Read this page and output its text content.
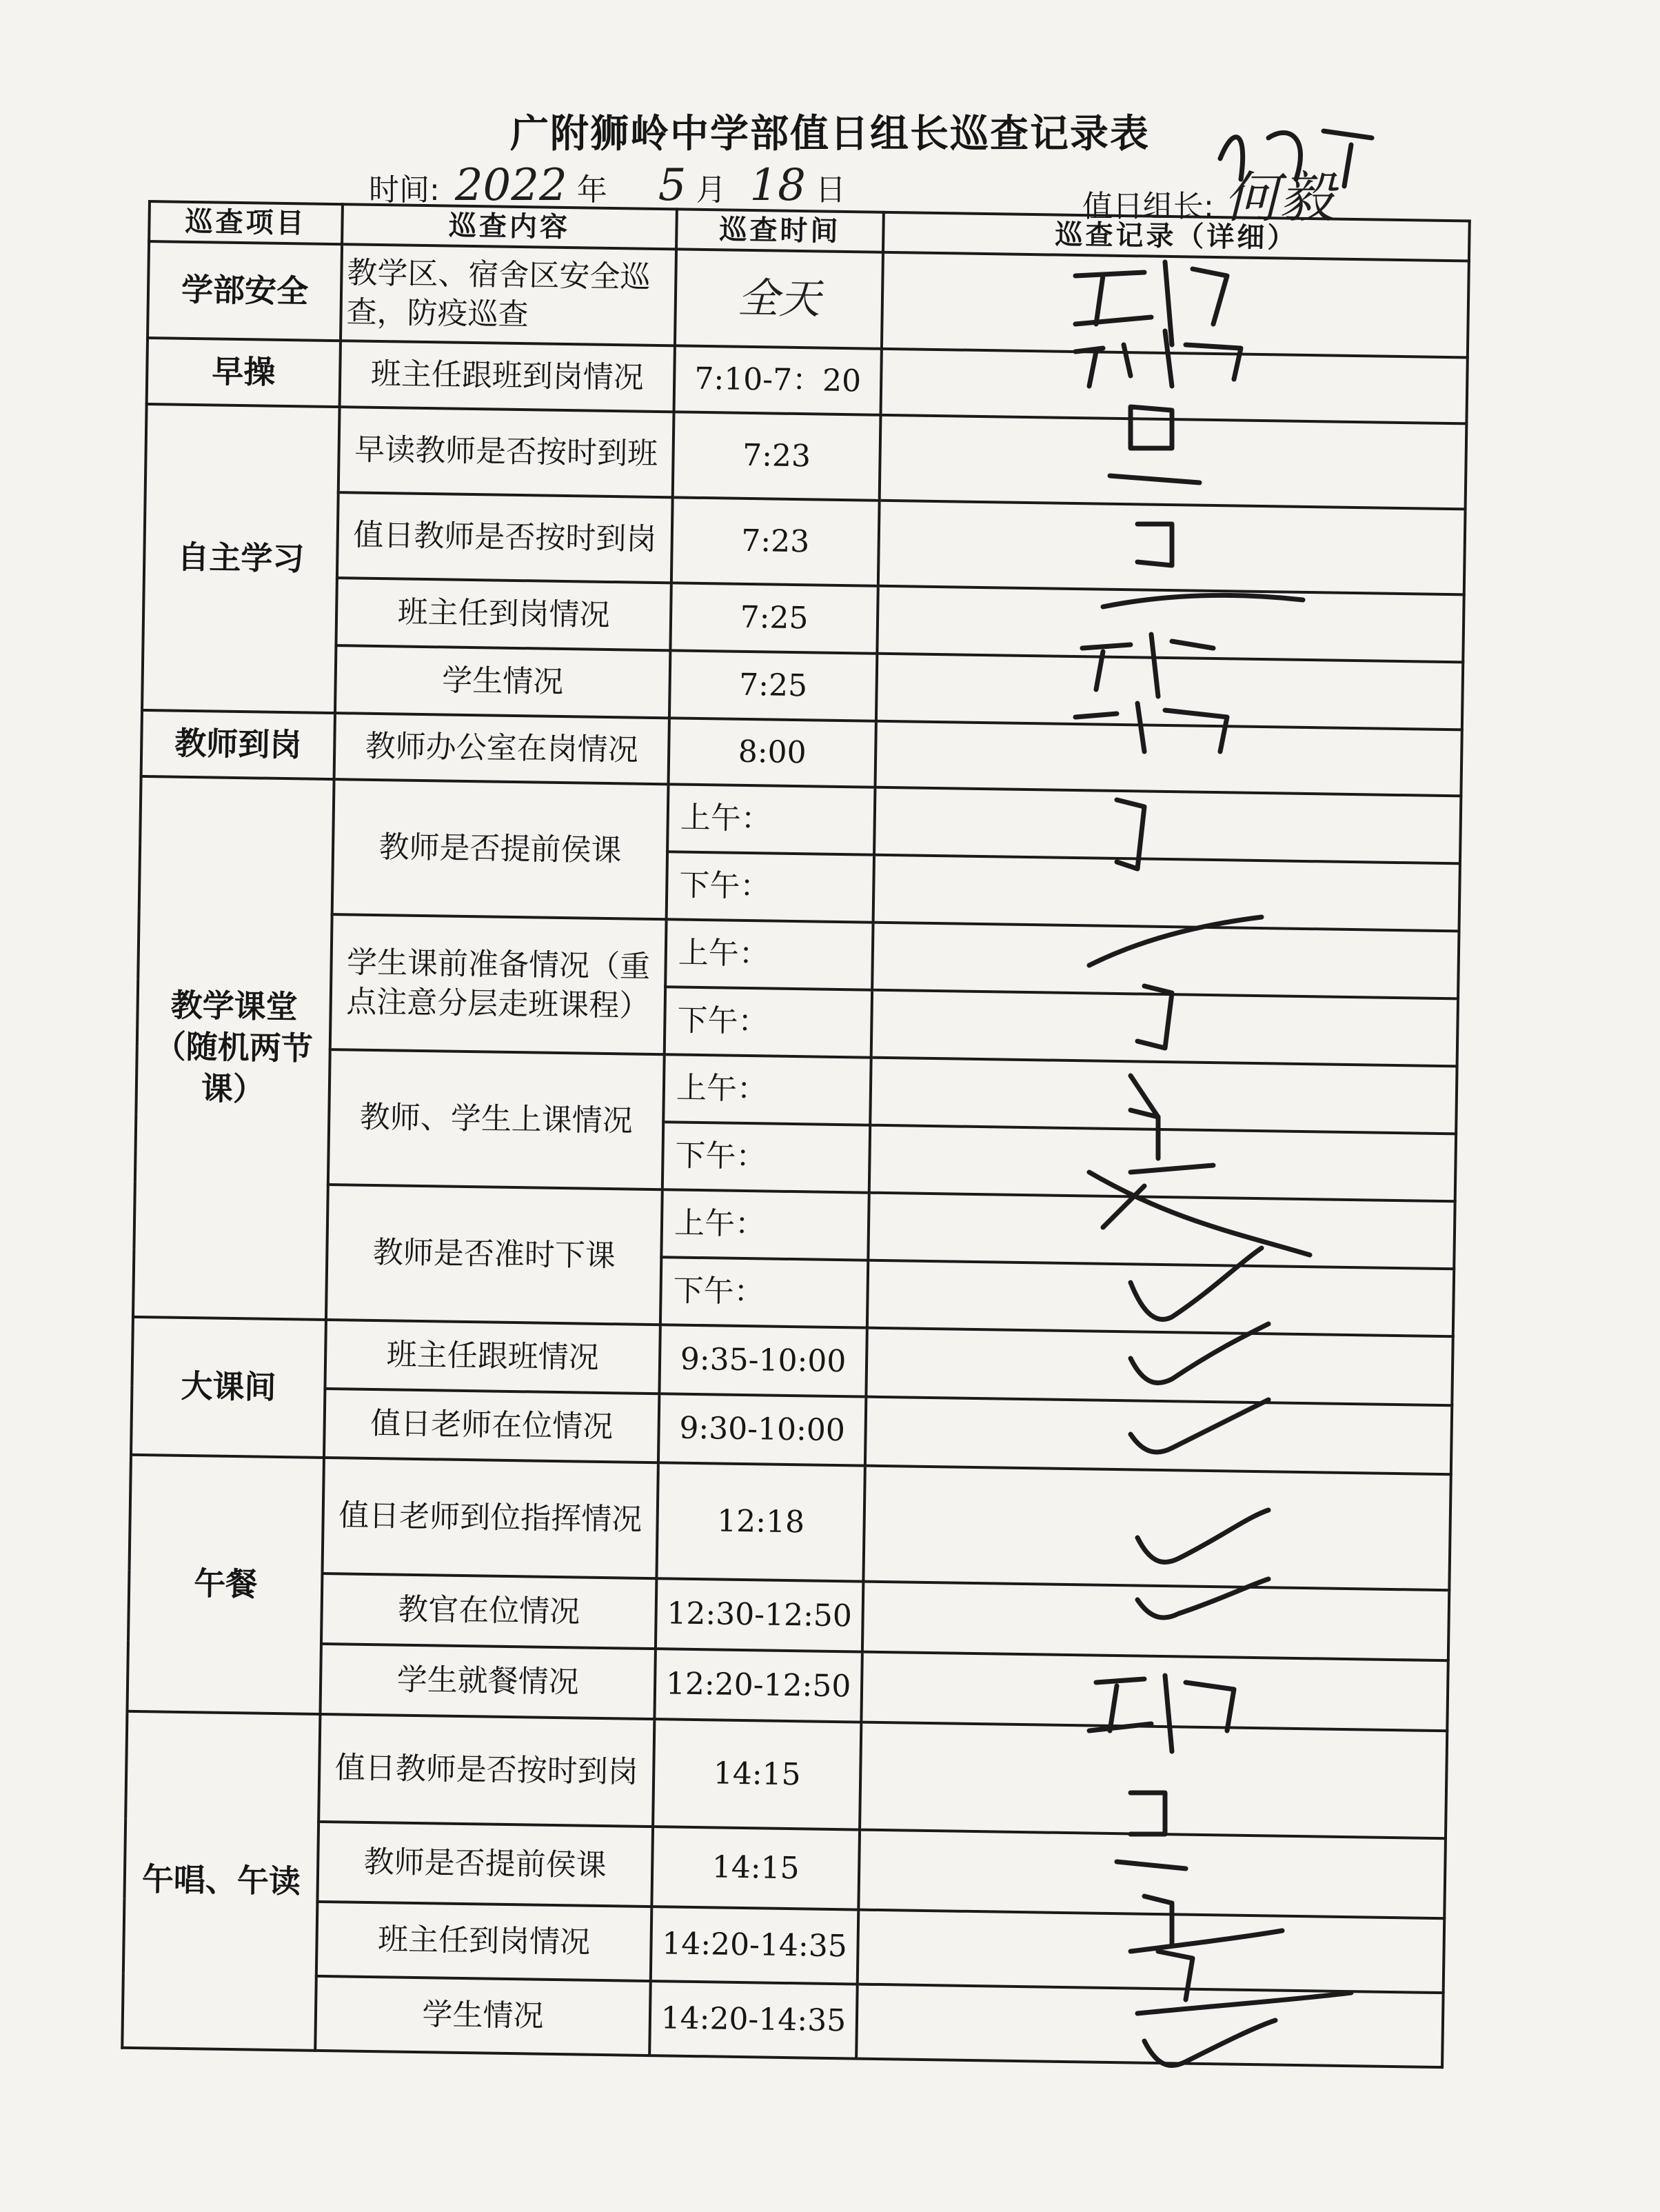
广附狮岭中学部值日组长巡查记录表
时间: 2022 年 5 月 18 日	值日组长: 何毅
巡查项目	巡查内容	巡查时间	巡查记录（详细）
学部安全	教学区、宿舍区安全巡查，防疫巡查	全天	
早操	班主任跟班到岗情况	7:10-7：20	
自主学习	早读教师是否按时到班	7:23	
	值日教师是否按时到岗	7:23	
	班主任到岗情况	7:25	
	学生情况	7:25	
教师到岗	教师办公室在岗情况	8:00	
教学课堂（随机两节课）	教师是否提前侯课	上午：	
		下午：	
	学生课前准备情况（重点注意分层走班课程）	上午：	
		下午：	
	教师、学生上课情况	上午：	
		下午：	
	教师是否准时下课	上午：	
		下午：	
大课间	班主任跟班情况	9:35-10:00	
	值日老师在位情况	9:30-10:00	
午餐	值日老师到位指挥情况	12:18	
	教官在位情况	12:30-12:50	
	学生就餐情况	12:20-12:50	
午唱、午读	值日教师是否按时到岗	14:15	
	教师是否提前侯课	14:15	
	班主任到岗情况	14:20-14:35	
	学生情况	14:20-14:35	
